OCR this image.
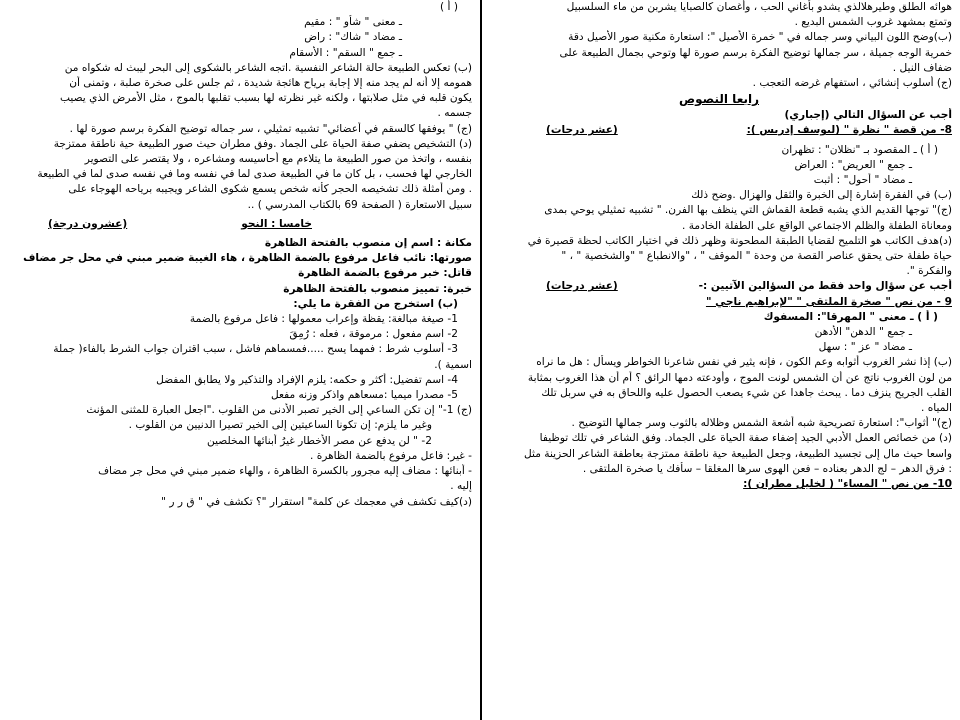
هوائه الطلق وطيرهلالذي يشدو بأغاني الحب ، وأغصان كالصبايا يشربن من ماء السلسبيل
وتمتع بمشهد غروب الشمس البديع .
(ب)وضح اللون البياني وسر جماله في " خمرة الأصيل ": استعارة مكنية صور الأصيل دقة
خمرية الوجه جميلة ، سر جمالها توضيح الفكرة برسم صورة لها وتوحي بجمال الطبيعة على
ضفاف النيل .
(ج) أسلوب إنشائي ، استفهام غرضه التعجب .
رابعا النصوص
أجب عن السؤال التالي (إجباري)
8- من قصة " نظرة " (ليوسف إدريس ):
(عشر درجات)
( أ ) ـ المقصود بـ "نظلان" : تظهران
ـ جمع " العريض" : العراض
ـ مضاد " أحول" : أثبت
(ب) في الفقرة إشارة إلى الخبرة والثقل والهزال .وضح ذلك
(ج)" توجها القديم الذي يشبه قطعة القماش التي ينظف بها الفرن. " تشبيه تمثيلي يوحي بمدى
ومعاناة الطفلة والظلم الاجتماعي الواقع على الطفلة الخادمة .
(د)هدف الكاتب هو التلميح لقضايا الطبقة المطحونة وظهر ذلك في اختيار الكاتب لحظة قصيرة في
حياة طفلة حتى يحقق عناصر القصة من وحدة " الموقف " ، "والانطباع " "والشخصية " ، "
والفكرة ".
أجب عن سؤال واحد فقط من السؤالين الآتيين :-
(عشر درجات)
9 - من نص " صخرة الملتقى " "لإبراهيم ناجي "
( أ ) ـ معنى " المهرقا": المسفوك
ـ جمع " الدهن" الأدهن
ـ مضاد " عز " : سهل
(ب) إذا نشر الغروب أثوابه وعم الكون ، فإنه يثير في نفس شاعرنا الخواطر ويسأل : هل ما نراه
من لون الغروب ناتج عن أن الشمس لونت الموج ، وأودعته دمها الرائق ؟ أم أن هذا الغروب بمثابة
القلب الجريح ينزف دما . يبحث جاهدا عن شيء يصعب الحصول عليه واللحاق به في سربل تلك
المياه .
(ج)" أثواب": استعارة تصريحية شبه أشعة الشمس وظلاله بالثوب وسر جمالها التوضيح .
(د) من خصائص العمل الأدبي الجيد إضفاء صفة الحياة على الجماد. وفق الشاعر في تلك توظيفا
واسعا حيث مال إلى تجسيد الطبيعة، وجعل الطبيعة حية ناطقة ممتزجة بعاطفة الشاعر الحزينة مثل
: فرق الدهر – لج الدهر بعناده – فعن الهوى سرها المغلقا – سأفك يا صخرة الملتقى .
10- من نص " المساء" ( لخليل مطران ):
( أ )
ـ معنى " شأو " : مقيم
ـ مضاد " شاك" : راض
ـ جمع " السقم" : الأسقام
(ب) تعكس الطبيعة حالة الشاعر النفسية .اتجه الشاعر بالشكوى إلى البحر ليبث له شكواه من
همومه إلا أنه لم يجد منه إلا إجابة برياح هائجة شديدة ، ثم جلس على صخرة صلبة ، وتمنى أن
يكون قلبه في مثل صلابتها ، ولكنه غير نظرته لها بسبب تقلبها بالموج ، مثل الأمرض الذي يصيب
جسمه .
(ج) " يوفقها كالسقم في أعضائي" تشبيه تمثيلي ، سر جماله توضيح الفكرة برسم صورة لها .
(د) التشخيص يضفي صفة الحياة على الجماد .وفق مطران حيث صور الطبيعة حية ناطقة ممتزجة
بنفسه ، واتخذ من صور الطبيعة ما يتلاءم مع أحاسيسه ومشاعره ، ولا يقتصر على التصوير
الخارجي لها فحسب ، بل كان ما في الطبيعة صدى لما في نفسه وما في نفسه صدى لما في الطبيعة
. ومن أمثلة ذلك تشخيصه الحجر كأنه شخص يسمع شكوى الشاعر ويجيبه برياحه الهوجاء على
سبيل الاستعارة ( الصفحة 69 بالكتاب المدرسي ) ..
خامسا : النحو
(عشرون درجة)
مكانة : اسم إن منصوب بالفتحة الظاهرة
صورتها: نائب فاعل مرفوع بالضمة الظاهرة ، هاء الغيبة ضمير مبني في محل جر مضاف
قاتل: خبر مرفوع بالضمة الظاهرة
خبرة: تمييز منصوب بالفتحة الظاهرة
(ب) استخرج من الفقرة ما يلي:
1- صيغة مبالغة: يقظة وإعراب معمولها : فاعل مرفوع بالضمة
2- اسم مفعول : مرموقة ، فعله : رُمِقَ
3- أسلوب شرط : فمهما يسح .....فمسماهم فاشل ، سبب اقتران جواب الشرط بالفاء( جملة
اسمية ).
4- اسم تفضيل: أكثر و حكمه: يلزم الإفراد والتذكير ولا يطابق المفضل
5- مصدرا ميميا :مسعاهم واذكر وزنه مفعل
(ج) 1-" إن تكن الساعي إلى الخير تصبر الأدنى من القلوب ."اجعل العبارة للمثنى المؤنث
وغير ما يلزم: إن تكونا الساعيتين إلى الخير تصيرا الدنيين من القلوب .
2- " لن يدفع عن مصر الأخطار غيرُ أبنائها المخلصين
- غير: فاعل مرفوع بالضمة الظاهرة .
- أبنائها : مضاف إليه مجرور بالكسرة الظاهرة ، والهاء ضمير مبني في محل جر مضاف
إليه .
(د)كيف تكشف في معجمك عن كلمة" استقرار "؟ تكشف في " ق ر ر "
